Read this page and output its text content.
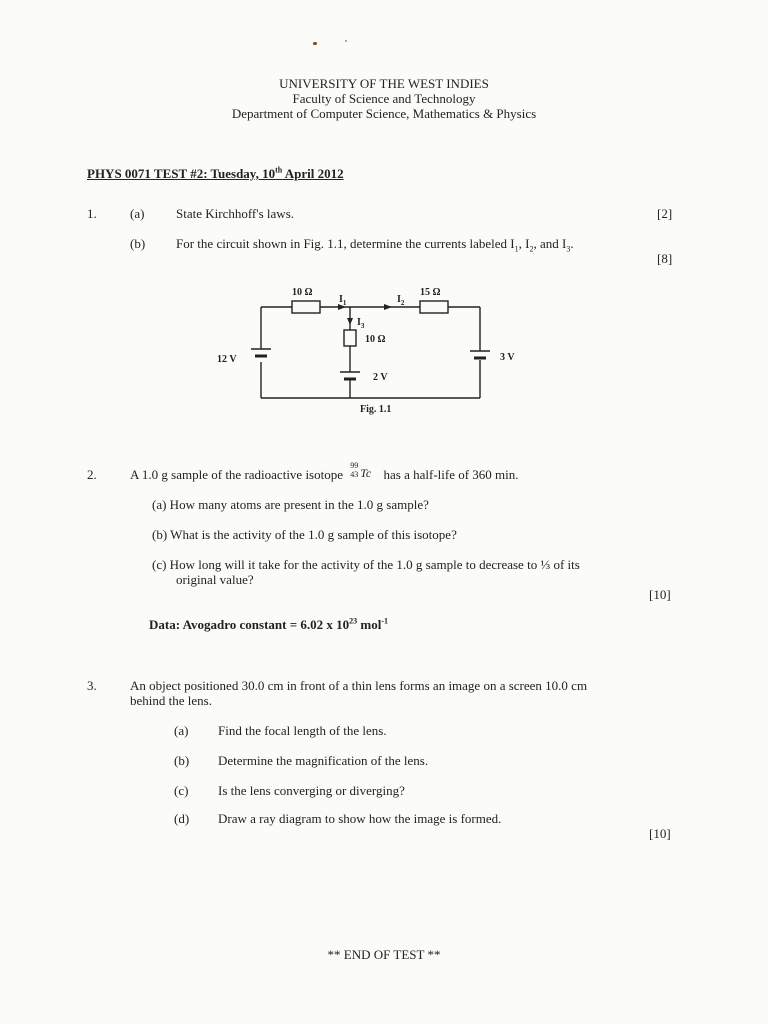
UNIVERSITY OF THE WEST INDIES
Faculty of Science and Technology
Department of Computer Science, Mathematics & Physics
PHYS 0071 TEST #2: Tuesday, 10th April 2012
1.	(a) State Kirchhoff's laws.	[2]
(b) For the circuit shown in Fig. 1.1, determine the currents labeled $I_1$, $I_2$, and $I_3$.
[8]
10 Ω	15 Ω
10 Ω
$I_1$	$I_2$
$I_3$
12 V
2 V
3 V
Fig. 1.1
2.	A 1.0 g sample of the radioactive isotope
99
43 Tc has a half-life of 360 min.
(a) How many atoms are present in the 1.0 g sample?
(b) What is the activity of the 1.0 g sample of this isotope?
(c) How long will it take for the activity of the 1.0 g sample to decrease to ⅓ of its
original value?
[10]
Data: Avogadro constant = 6.02 x $10^{23}$ mol$^{-1}$
3.	An object positioned 30.0 cm in front of a thin lens forms an image on a screen 10.0 cm
behind the lens.
(a) Find the focal length of the lens.
(b) Determine the magnification of the lens.
(c) Is the lens converging or diverging?
(d) Draw a ray diagram to show how the image is formed.
[10]
** END OF TEST **
